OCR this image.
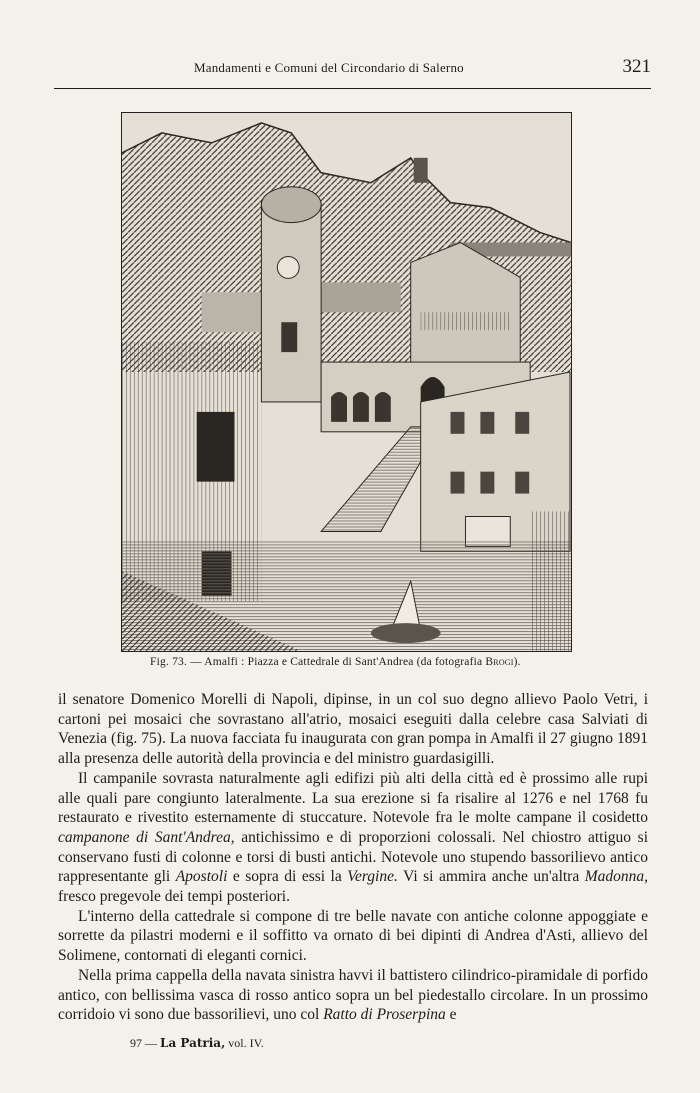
Mandamenti e Comuni del Circondario di Salerno	321
Fig. 73. — Amalfi : Piazza e Cattedrale di Sant'Andrea (da fotografia Brogi).

il senatore Domenico Morelli di Napoli, dipinse, in un col suo degno allievo Paolo Vetri, i cartoni pei mosaici che sovrastano all'atrio, mosaici eseguiti dalla celebre casa Salviati di Venezia (fig. 75). La nuova facciata fu inaugurata con gran pompa in Amalfi il 27 giugno 1891 alla presenza delle autorità della provincia e del ministro guardasigilli.

Il campanile sovrasta naturalmente agli edifizi più alti della città ed è prossimo alle rupi alle quali pare congiunto lateralmente. La sua erezione si fa risalire al 1276 e nel 1768 fu restaurato e rivestito esternamente di stuccature. Notevole fra le molte campane il cosidetto campanone di Sant'Andrea, antichissimo e di proporzioni colossali. Nel chiostro attiguo si conservano fusti di colonne e torsi di busti antichi. Notevole uno stupendo bassorilievo antico rappresentante gli Apostoli e sopra di essi la Vergine. Vi si ammira anche un'altra Madonna, fresco pregevole dei tempi posteriori.

L'interno della cattedrale si compone di tre belle navate con antiche colonne appoggiate e sorrette da pilastri moderni e il soffitto va ornato di bei dipinti di Andrea d'Asti, allievo del Solimene, contornati di eleganti cornici.

Nella prima cappella della navata sinistra havvi il battistero cilindrico-piramidale di porfido antico, con bellissima vasca di rosso antico sopra un bel piedestallo circolare. In un prossimo corridoio vi sono due bassorilievi, uno col Ratto di Proserpina e

97 — La Patria, vol. IV.
